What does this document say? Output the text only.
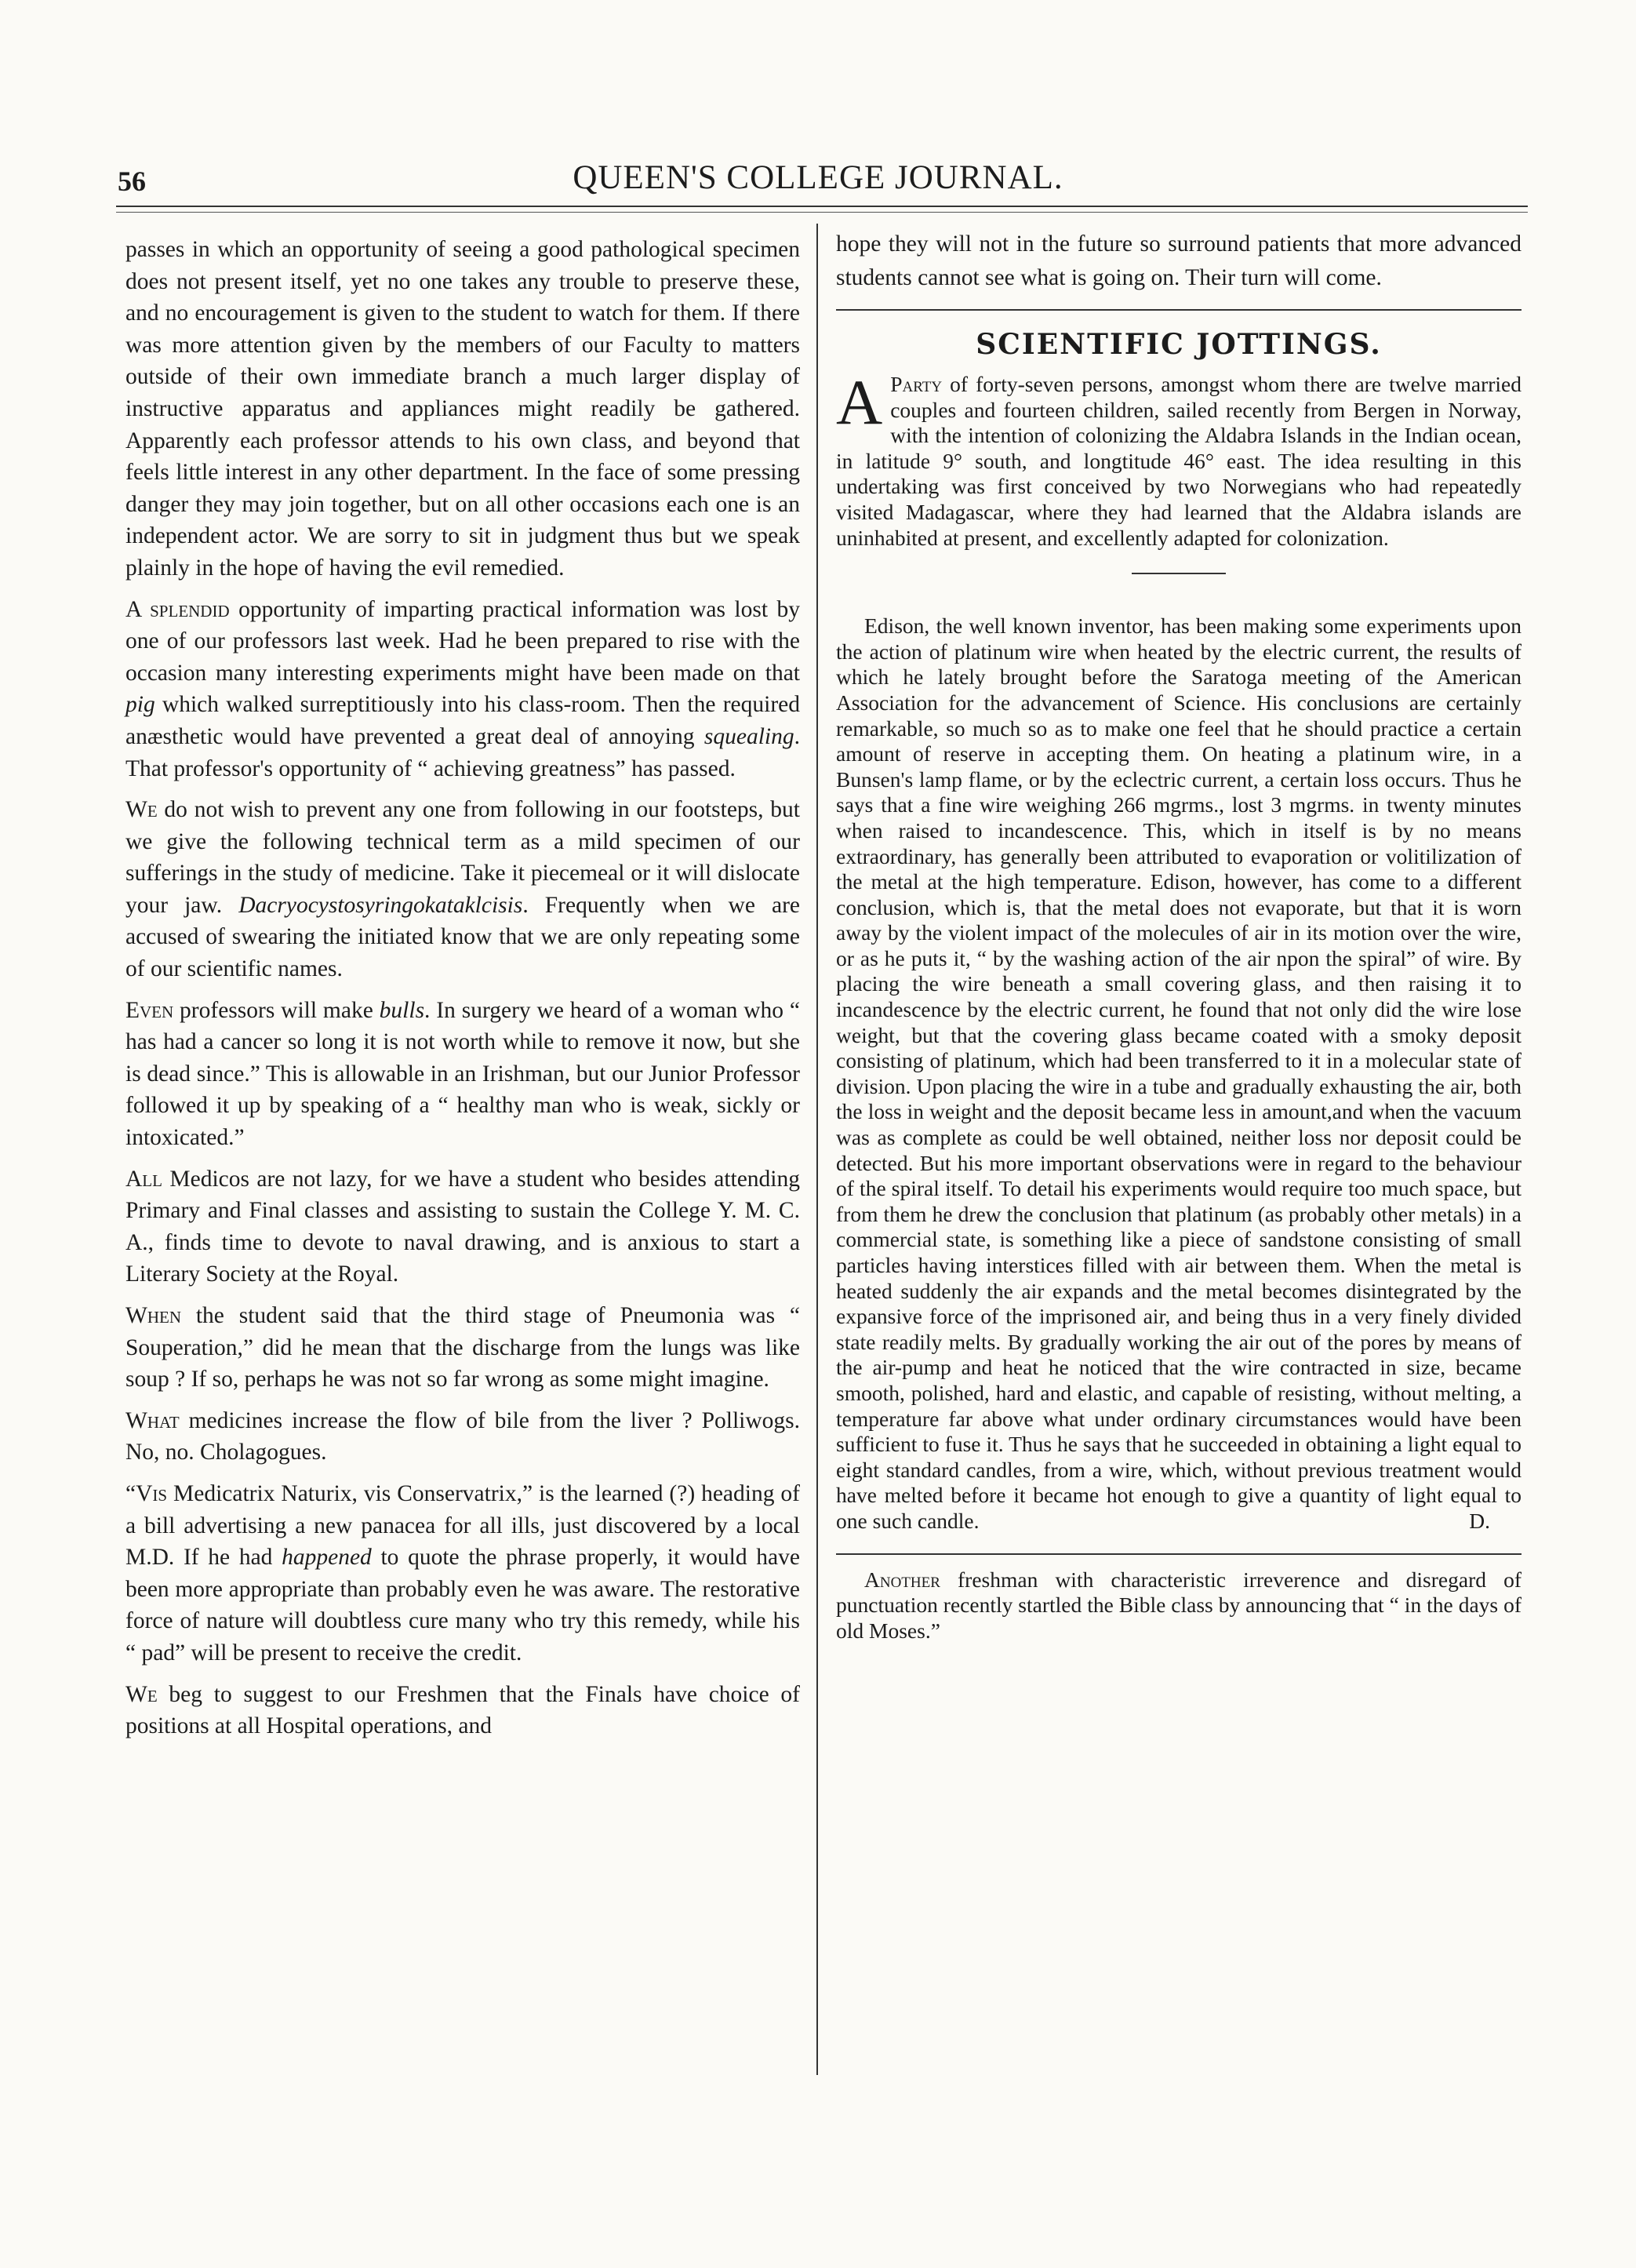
56	QUEEN'S COLLEGE JOURNAL.

passes in which an opportunity of seeing a good pathological specimen does not present itself, yet no one takes any trouble to preserve these, and no encouragement is given to the student to watch for them. If there was more attention given by the members of our Faculty to matters outside of their own immediate branch a much larger display of instructive apparatus and appliances might readily be gathered. Apparently each professor attends to his own class, and beyond that feels little interest in any other department. In the face of some pressing danger they may join together, but on all other occasions each one is an independent actor. We are sorry to sit in judgment thus but we speak plainly in the hope of having the evil remedied.

A splendid opportunity of imparting practical information was lost by one of our professors last week. Had he been prepared to rise with the occasion many interesting experiments might have been made on that pig which walked surreptitiously into his class-room. Then the required anæsthetic would have prevented a great deal of annoying squealing. That professor's opportunity of “ achieving greatness” has passed.

We do not wish to prevent any one from following in our footsteps, but we give the following technical term as a mild specimen of our sufferings in the study of medicine. Take it piecemeal or it will dislocate your jaw. Dacryocystosyringokataklcisis. Frequently when we are accused of swearing the initiated know that we are only repeating some of our scientific names.

Even professors will make bulls. In surgery we heard of a woman who “ has had a cancer so long it is not worth while to remove it now, but she is dead since.” This is allowable in an Irishman, but our Junior Professor followed it up by speaking of a “ healthy man who is weak, sickly or intoxicated.”

All Medicos are not lazy, for we have a student who besides attending Primary and Final classes and assisting to sustain the College Y. M. C. A., finds time to devote to naval drawing, and is anxious to start a Literary Society at the Royal.

When the student said that the third stage of Pneumonia was “ Souperation,” did he mean that the discharge from the lungs was like soup ? If so, perhaps he was not so far wrong as some might imagine.

What medicines increase the flow of bile from the liver ? Polliwogs. No, no. Cholagogues.

“Vis Medicatrix Naturix, vis Conservatrix,” is the learned (?) heading of a bill advertising a new panacea for all ills, just discovered by a local M.D. If he had happened to quote the phrase properly, it would have been more appropriate than probably even he was aware. The restorative force of nature will doubtless cure many who try this remedy, while his “ pad” will be present to receive the credit.

We beg to suggest to our Freshmen that the Finals have choice of positions at all Hospital operations, and

hope they will not in the future so surround patients that more advanced students cannot see what is going on. Their turn will come.

SCIENTIFIC JOTTINGS.

A Party of forty-seven persons, amongst whom there are twelve married couples and fourteen children, sailed recently from Bergen in Norway, with the intention of colonizing the Aldabra Islands in the Indian ocean, in latitude 9° south, and longtitude 46° east. The idea resulting in this undertaking was first conceived by two Norwegians who had repeatedly visited Madagascar, where they had learned that the Aldabra islands are uninhabited at present, and excellently adapted for colonization.

Edison, the well known inventor, has been making some experiments upon the action of platinum wire when heated by the electric current, the results of which he lately brought before the Saratoga meeting of the American Association for the advancement of Science. His conclusions are certainly remarkable, so much so as to make one feel that he should practice a certain amount of reserve in accepting them. On heating a platinum wire, in a Bunsen's lamp flame, or by the eclectric current, a certain loss occurs. Thus he says that a fine wire weighing 266 mgrms., lost 3 mgrms. in twenty minutes when raised to incandescence. This, which in itself is by no means extraordinary, has generally been attributed to evaporation or volitilization of the metal at the high temperature. Edison, however, has come to a different conclusion, which is, that the metal does not evaporate, but that it is worn away by the violent impact of the molecules of air in its motion over the wire, or as he puts it, “ by the washing action of the air npon the spiral” of wire. By placing the wire beneath a small covering glass, and then raising it to incandescence by the electric current, he found that not only did the wire lose weight, but that the covering glass became coated with a smoky deposit consisting of platinum, which had been transferred to it in a molecular state of division. Upon placing the wire in a tube and gradually exhausting the air, both the loss in weight and the deposit became less in amount,and when the vacuum was as complete as could be well obtained, neither loss nor deposit could be detected. But his more important observations were in regard to the behaviour of the spiral itself. To detail his experiments would require too much space, but from them he drew the conclusion that platinum (as probably other metals) in a commercial state, is something like a piece of sandstone consisting of small particles having interstices filled with air between them. When the metal is heated suddenly the air expands and the metal becomes disintegrated by the expansive force of the imprisoned air, and being thus in a very finely divided state readily melts. By gradually working the air out of the pores by means of the air-pump and heat he noticed that the wire contracted in size, became smooth, polished, hard and elastic, and capable of resisting, without melting, a temperature far above what under ordinary circumstances would have been sufficient to fuse it. Thus he says that he succeeded in obtaining a light equal to eight standard candles, from a wire, which, without previous treatment would have melted before it became hot enough to give a quantity of light equal to one such candle.	D.

Another freshman with characteristic irreverence and disregard of punctuation recently startled the Bible class by announcing that “ in the days of old Moses.”
